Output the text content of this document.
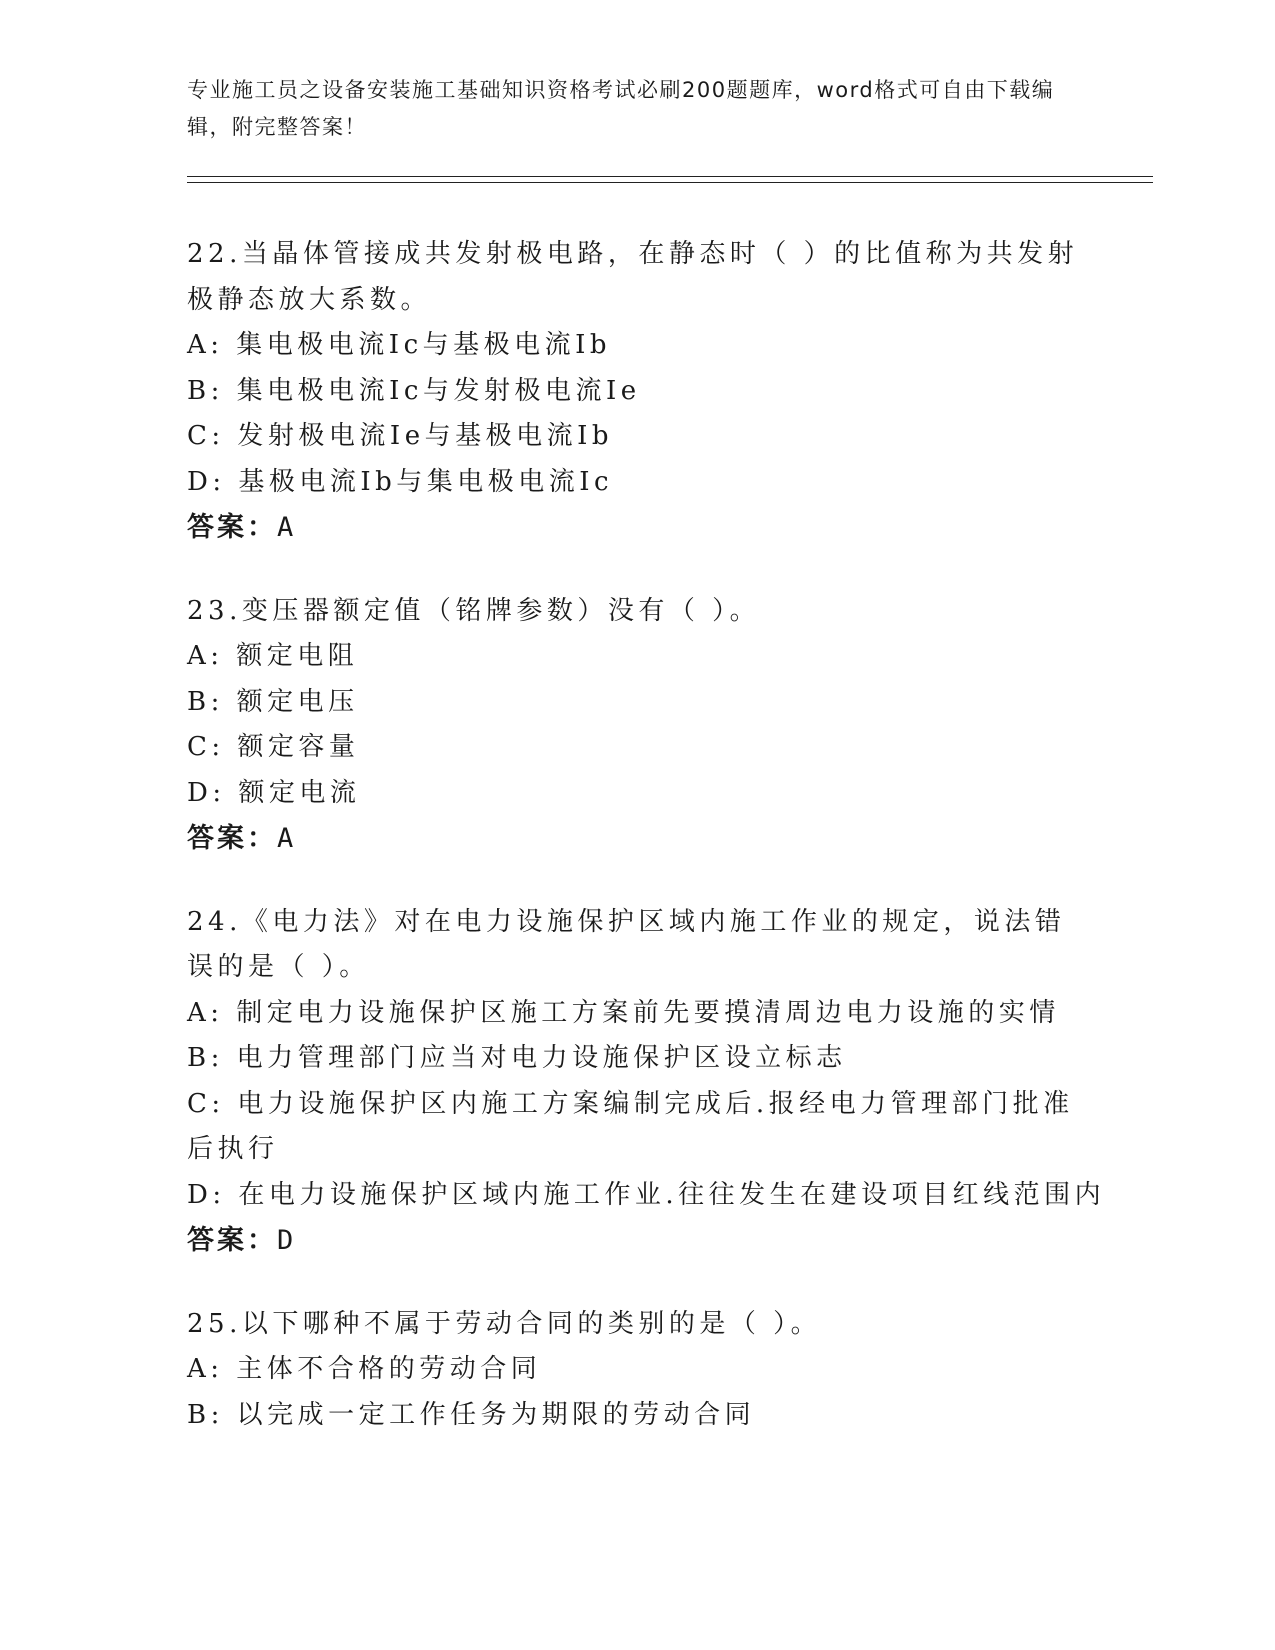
专业施工员之设备安装施工基础知识资格考试必刷200题题库，word格式可自由下载编辑，附完整答案！

22.当晶体管接成共发射极电路，在静态时（ ）的比值称为共发射极静态放大系数。

A: 集电极电流Ic与基极电流Ib

B: 集电极电流Ic与发射极电流Ie

C: 发射极电流Ie与基极电流Ib

D: 基极电流Ib与集电极电流Ic

答案：A

23.变压器额定值（铭牌参数）没有（ ）。

A: 额定电阻

B: 额定电压

C: 额定容量

D: 额定电流

答案：A

24.《电力法》对在电力设施保护区域内施工作业的规定，说法错误的是（ ）。

A: 制定电力设施保护区施工方案前先要摸清周边电力设施的实情

B: 电力管理部门应当对电力设施保护区设立标志

C: 电力设施保护区内施工方案编制完成后.报经电力管理部门批准后执行

D: 在电力设施保护区域内施工作业.往往发生在建设项目红线范围内

答案：D

25.以下哪种不属于劳动合同的类别的是（ ）。

A: 主体不合格的劳动合同

B: 以完成一定工作任务为期限的劳动合同
